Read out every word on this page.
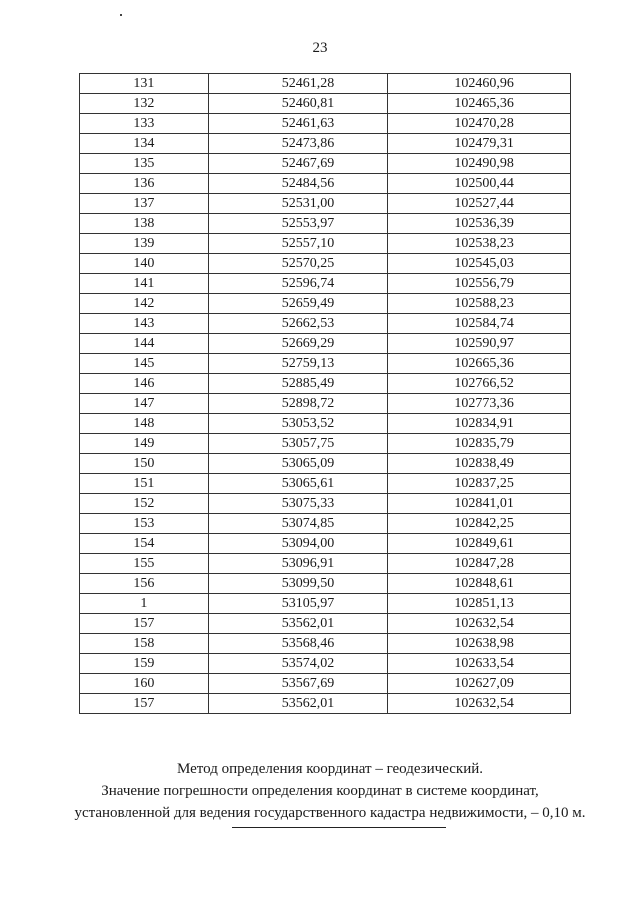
23
131	52461,28	102460,96
132	52460,81	102465,36
133	52461,63	102470,28
134	52473,86	102479,31
135	52467,69	102490,98
136	52484,56	102500,44
137	52531,00	102527,44
138	52553,97	102536,39
139	52557,10	102538,23
140	52570,25	102545,03
141	52596,74	102556,79
142	52659,49	102588,23
143	52662,53	102584,74
144	52669,29	102590,97
145	52759,13	102665,36
146	52885,49	102766,52
147	52898,72	102773,36
148	53053,52	102834,91
149	53057,75	102835,79
150	53065,09	102838,49
151	53065,61	102837,25
152	53075,33	102841,01
153	53074,85	102842,25
154	53094,00	102849,61
155	53096,91	102847,28
156	53099,50	102848,61
1	53105,97	102851,13
157	53562,01	102632,54
158	53568,46	102638,98
159	53574,02	102633,54
160	53567,69	102627,09
157	53562,01	102632,54

Метод определения координат – геодезический.

Значение погрешности определения координат в системе координат,

установленной для ведения государственного кадастра недвижимости, – 0,10 м.
